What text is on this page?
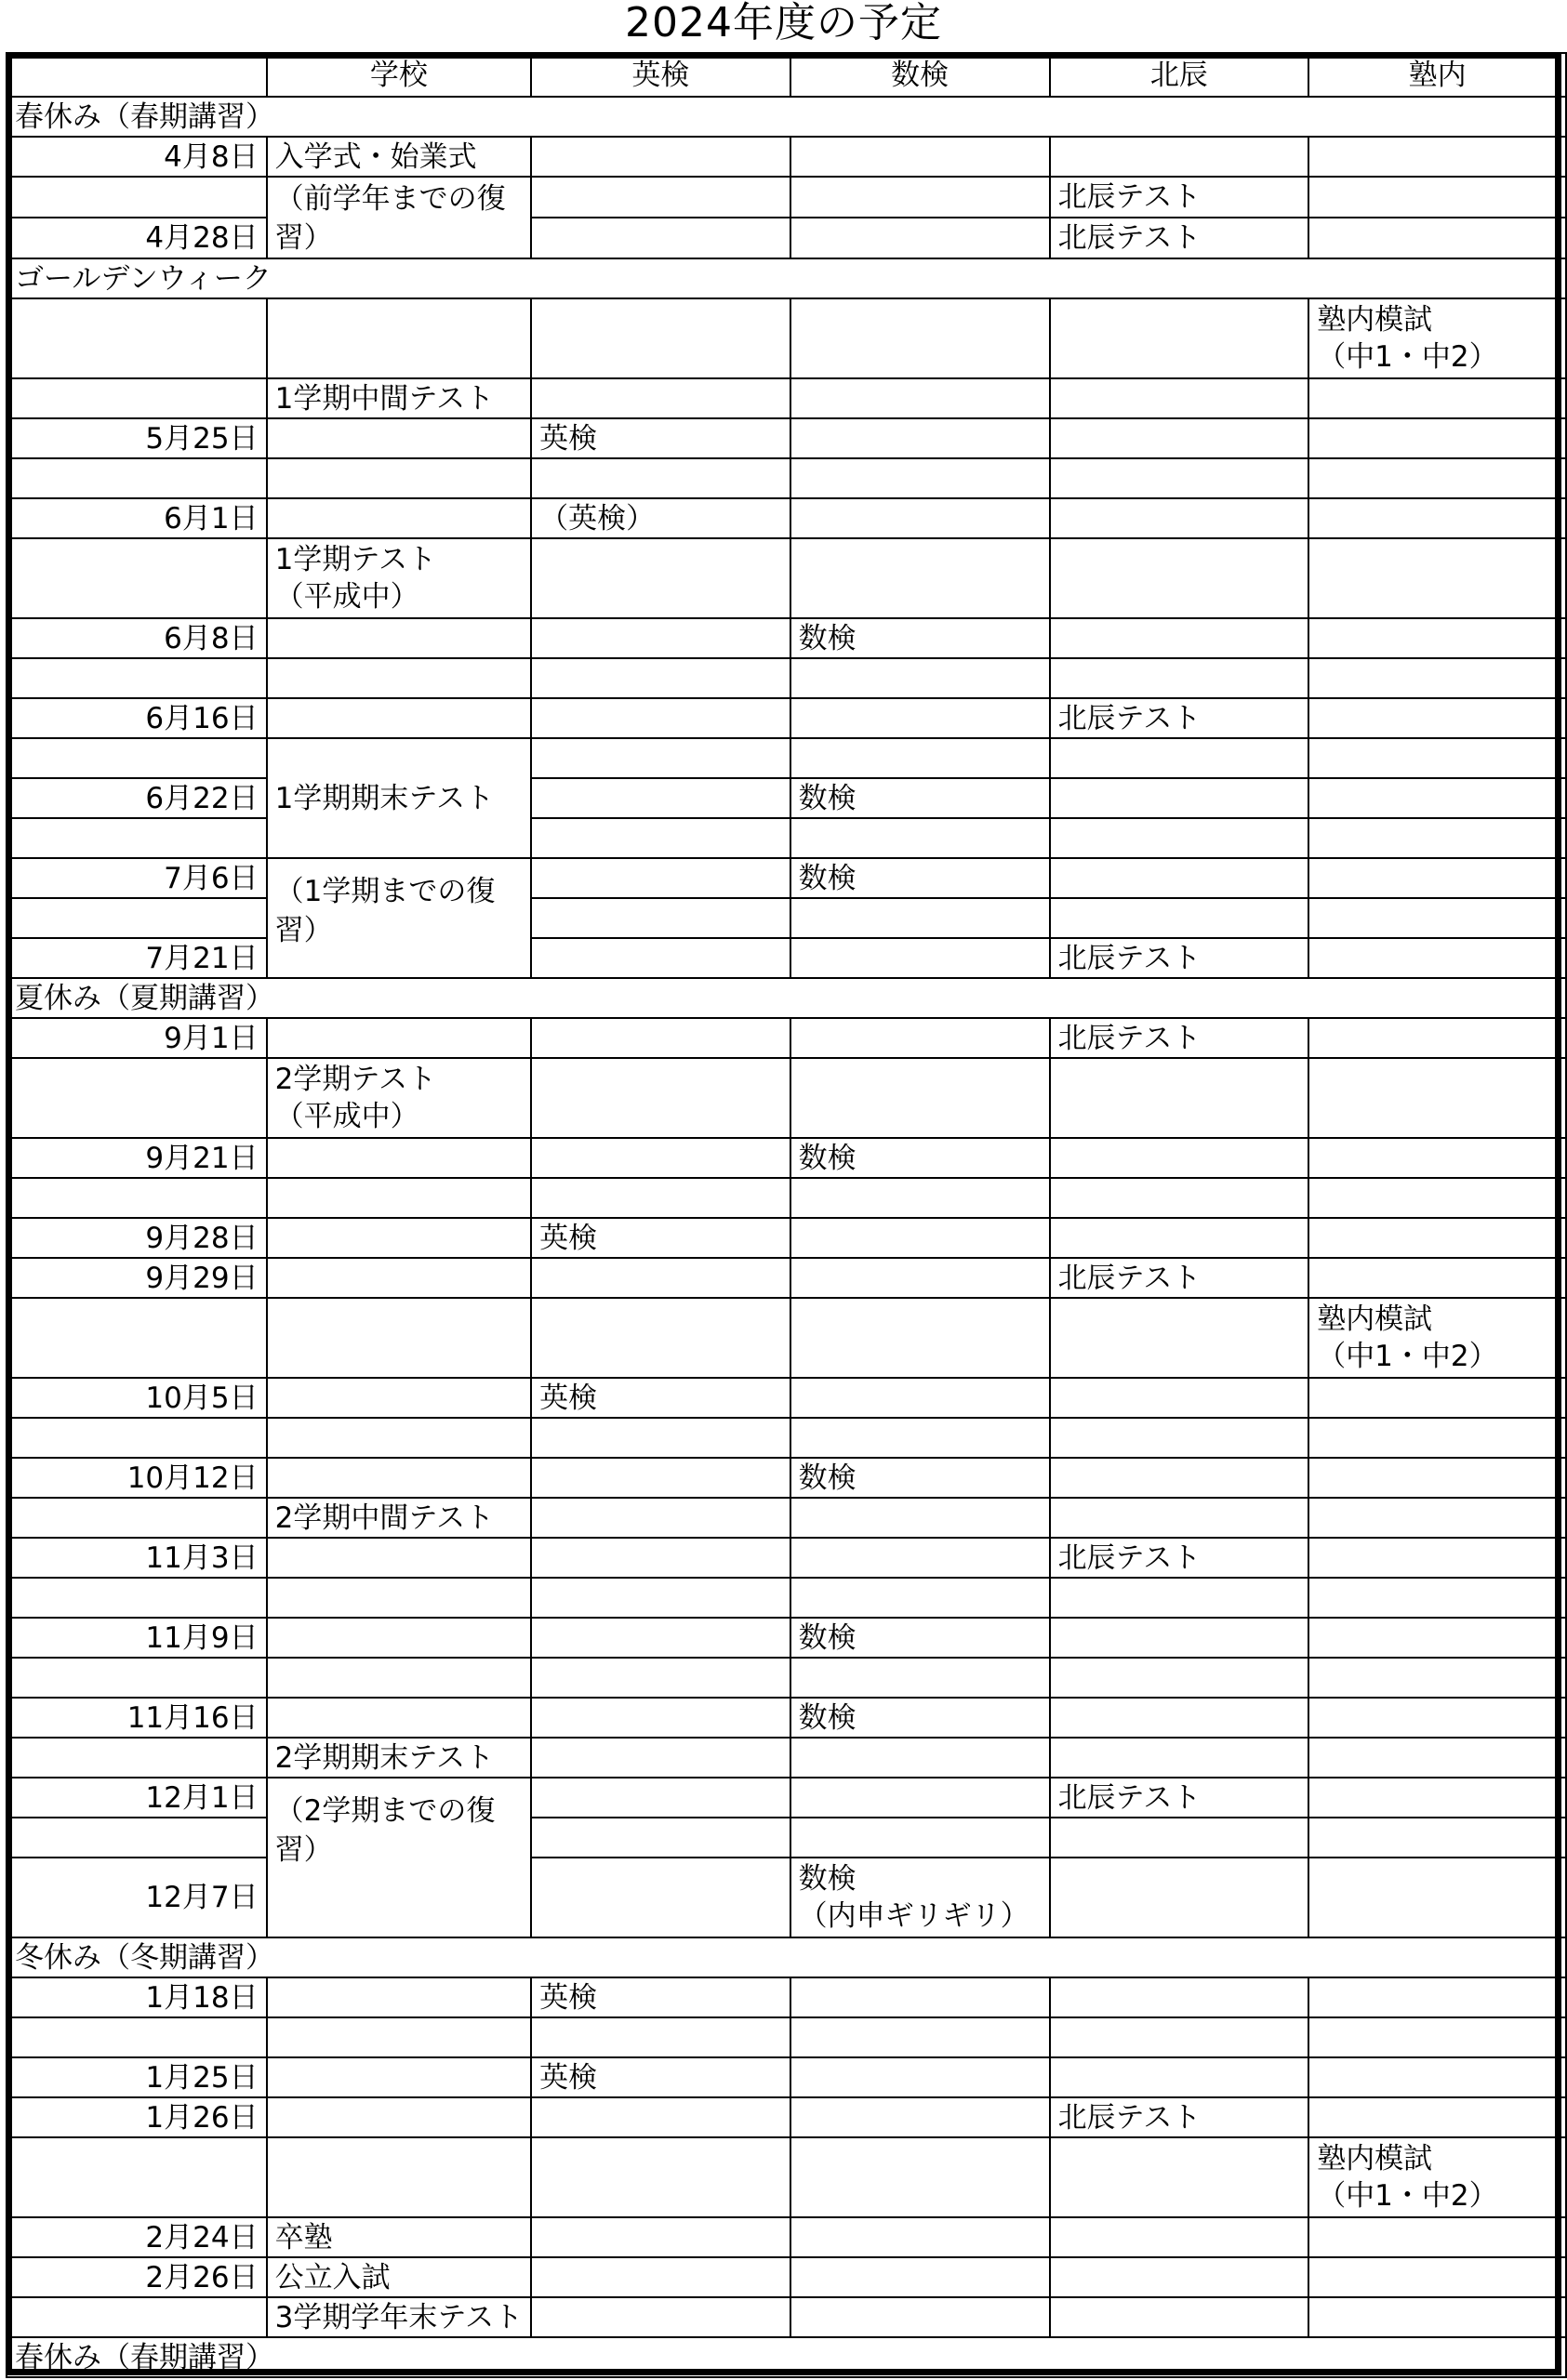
2024年度の予定
	学校	英検	数検	北辰	塾内
春休み（春期講習）					
4月8日	入学式・始業式				
	（前学年までの復習）			北辰テスト	
4月28日				北辰テスト	
ゴールデンウィーク					

					塾内模試
（中1・中2）

	1学期中間テスト				
5月25日		英検			

6月1日		（英検）			

	1学期テスト
（平成中）				

6月8日			数検		

6月16日				北辰テスト	
	1学期期末テスト				
6月22日			数検		

7月6日	（1学期までの復習）		数検		

7月21日				北辰テスト	
夏休み（夏期講習）					
9月1日				北辰テスト	

	2学期テスト
（平成中）				

9月21日			数検		

9月28日		英検			
9月29日				北辰テスト	

					塾内模試
（中1・中2）

10月5日		英検			

10月12日			数検		
	2学期中間テスト				
11月3日				北辰テスト	

11月9日			数検		

11月16日			数検		
	2学期期末テスト				
12月1日	（2学期までの復習）			北辰テスト	

12月7日			数検
（内申ギリギリ）		

冬休み（冬期講習）					
1月18日		英検			

1月25日		英検			
1月26日				北辰テスト	

					塾内模試
（中1・中2）

2月24日	卒塾				
2月26日	公立入試				
	3学期学年末テスト				
春休み（春期講習）					
